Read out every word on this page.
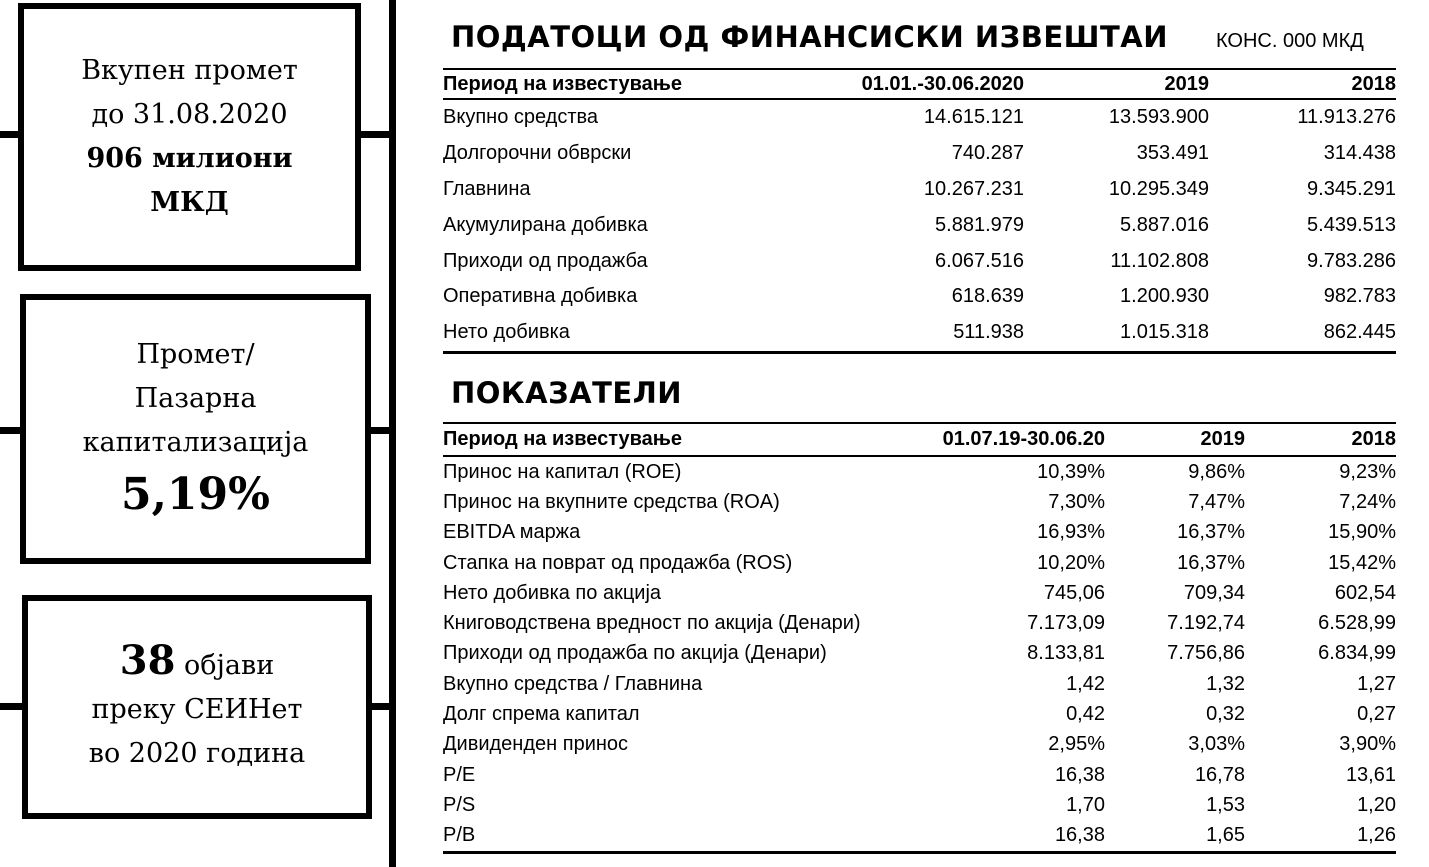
Вкупен промет
до 31.08.2020
906 милиони
МКД
Промет/
Пазарна
капитализација
5,19%
38 објави
преку СЕИНет
во 2020 година
ПОДАТОЦИ ОД ФИНАНСИСКИ ИЗВЕШТАИ КОНС. 000 МКД
Период на известување	01.01.-30.06.2020	2019	2018
Вкупно средства	14.615.121	13.593.900	11.913.276
Долгорочни обврски	740.287	353.491	314.438
Главнина	10.267.231	10.295.349	9.345.291
Акумулирана добивка	5.881.979	5.887.016	5.439.513
Приходи од продажба	6.067.516	11.102.808	9.783.286
Оперативна добивка	618.639	1.200.930	982.783
Нето добивка	511.938	1.015.318	862.445
ПОКАЗАТЕЛИ
Период на известување	01.07.19-30.06.20	2019	2018
Принос на капитал (ROE)	10,39%	9,86%	9,23%
Принос на вкупните средства (ROA)	7,30%	7,47%	7,24%
EBITDA маржа	16,93%	16,37%	15,90%
Стапка на поврат од продажба (ROS)	10,20%	16,37%	15,42%
Нето добивка по акција	745,06	709,34	602,54
Книговодствена вредност по акција (Денари)	7.173,09	7.192,74	6.528,99
Приходи од продажба по акција (Денари)	8.133,81	7.756,86	6.834,99
Вкупно средства / Главнина	1,42	1,32	1,27
Долг спрема капитал	0,42	0,32	0,27
Дивиденден принос	2,95%	3,03%	3,90%
P/E	16,38	16,78	13,61
P/S	1,70	1,53	1,20
P/B	16,38	1,65	1,26
